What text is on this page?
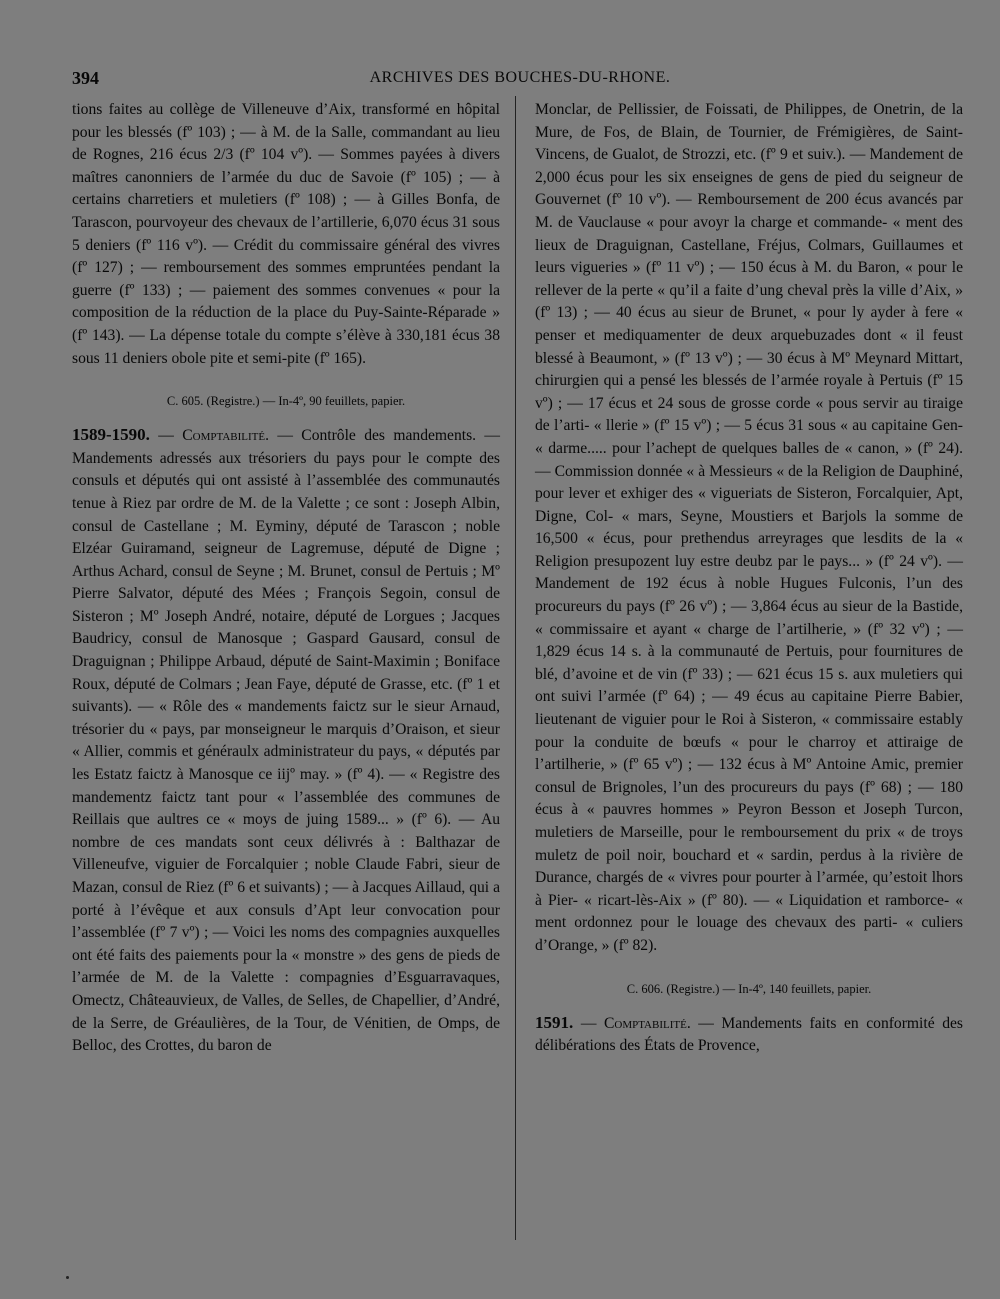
394	ARCHIVES DES BOUCHES-DU-RHONE.

tions faites au collège de Villeneuve d’Aix, transformé en hôpital pour les blessés (fº 103) ; — à M. de la Salle, commandant au lieu de Rognes, 216 écus 2/3 (fº 104 vº). — Sommes payées à divers maîtres canonniers de l’armée du duc de Savoie (fº 105) ; — à certains charretiers et muletiers (fº 108) ; — à Gilles Bonfa, de Tarascon, pourvoyeur des chevaux de l’artillerie, 6,070 écus 31 sous 5 deniers (fº 116 vº). — Crédit du commissaire général des vivres (fº 127) ; — remboursement des sommes empruntées pendant la guerre (fº 133) ; — paiement des sommes convenues « pour la composition de la réduction de la place du Puy-Sainte-Réparade » (fº 143). — La dépense totale du compte s’élève à 330,181 écus 38 sous 11 deniers obole pite et semi-pite (fº 165).

C. 605. (Registre.) — In-4º, 90 feuillets, papier.

1589-1590. — Comptabilité. — Contrôle des mandements. — Mandements adressés aux trésoriers du pays pour le compte des consuls et députés qui ont assisté à l’assemblée des communautés tenue à Riez par ordre de M. de la Valette ; ce sont : Joseph Albin, consul de Castellane ; M. Eyminy, député de Tarascon ; noble Elzéar Guiramand, seigneur de Lagremuse, député de Digne ; Arthus Achard, consul de Seyne ; M. Brunet, consul de Pertuis ; Mº Pierre Salvator, député des Mées ; François Segoin, consul de Sisteron ; Mº Joseph André, notaire, député de Lorgues ; Jacques Baudricy, consul de Manosque ; Gaspard Gausard, consul de Draguignan ; Philippe Arbaud, député de Saint-Maximin ; Boniface Roux, député de Colmars ; Jean Faye, député de Grasse, etc. (fº 1 et suivants). — « Rôle des « mandements faictz sur le sieur Arnaud, trésorier du « pays, par monseigneur le marquis d’Oraison, et sieur « Allier, commis et généraulx administrateur du pays, « députés par les Estatz faictz à Manosque ce iijº may. » (fº 4). — « Registre des mandementz faictz tant pour « l’assemblée des communes de Reillais que aultres ce « moys de juing 1589... » (fº 6). — Au nombre de ces mandats sont ceux délivrés à : Balthazar de Villeneufve, viguier de Forcalquier ; noble Claude Fabri, sieur de Mazan, consul de Riez (fº 6 et suivants) ; — à Jacques Aillaud, qui a porté à l’évêque et aux consuls d’Apt leur convocation pour l’assemblée (fº 7 vº) ; — Voici les noms des compagnies auxquelles ont été faits des paiements pour la « monstre » des gens de pieds de l’armée de M. de la Valette : compagnies d’Esguarravaques, Omectz, Châteauvieux, de Valles, de Selles, de Chapellier, d’André, de la Serre, de Gréaulières, de la Tour, de Vénitien, de Omps, de Belloc, des Crottes, du baron de

Monclar, de Pellissier, de Foissati, de Philippes, de Onetrin, de la Mure, de Fos, de Blain, de Tournier, de Frémigières, de Saint-Vincens, de Gualot, de Strozzi, etc. (fº 9 et suiv.). — Mandement de 2,000 écus pour les six enseignes de gens de pied du seigneur de Gouvernet (fº 10 vº). — Remboursement de 200 écus avancés par M. de Vauclause « pour avoyr la charge et commande- « ment des lieux de Draguignan, Castellane, Fréjus, Colmars, Guillaumes et leurs vigueries » (fº 11 vº) ; — 150 écus à M. du Baron, « pour le rellever de la perte « qu’il a faite d’ung cheval près la ville d’Aix, » (fº 13) ; — 40 écus au sieur de Brunet, « pour ly ayder à fere « penser et mediquamenter de deux arquebuzades dont « il feust blessé à Beaumont, » (fº 13 vº) ; — 30 écus à Mº Meynard Mittart, chirurgien qui a pensé les blessés de l’armée royale à Pertuis (fº 15 vº) ; — 17 écus et 24 sous de grosse corde « pous servir au tiraige de l’arti- « llerie » (fº 15 vº) ; — 5 écus 31 sous « au capitaine Gen- « darme..... pour l’achept de quelques balles de « canon, » (fº 24). — Commission donnée « à Messieurs « de la Religion de Dauphiné, pour lever et exhiger des « vigueriats de Sisteron, Forcalquier, Apt, Digne, Col- « mars, Seyne, Moustiers et Barjols la somme de 16,500 « écus, pour prethendus arreyrages que lesdits de la « Religion presupozent luy estre deubz par le pays... » (fº 24 vº). — Mandement de 192 écus à noble Hugues Fulconis, l’un des procureurs du pays (fº 26 vº) ; — 3,864 écus au sieur de la Bastide, « commissaire et ayant « charge de l’artilherie, » (fº 32 vº) ; — 1,829 écus 14 s. à la communauté de Pertuis, pour fournitures de blé, d’avoine et de vin (fº 33) ; — 621 écus 15 s. aux muletiers qui ont suivi l’armée (fº 64) ; — 49 écus au capitaine Pierre Babier, lieutenant de viguier pour le Roi à Sisteron, « commissaire estably pour la conduite de bœufs « pour le charroy et attiraige de l’artilherie, » (fº 65 vº) ; — 132 écus à Mº Antoine Amic, premier consul de Brignoles, l’un des procureurs du pays (fº 68) ; — 180 écus à « pauvres hommes » Peyron Besson et Joseph Turcon, muletiers de Marseille, pour le remboursement du prix « de troys muletz de poil noir, bouchard et « sardin, perdus à la rivière de Durance, chargés de « vivres pour pourter à l’armée, qu’estoit lhors à Pier- « ricart-lès-Aix » (fº 80). — « Liquidation et ramborce- « ment ordonnez pour le louage des chevaux des parti- « culiers d’Orange, » (fº 82).

C. 606. (Registre.) — In-4º, 140 feuillets, papier.

1591. — Comptabilité. — Mandements faits en conformité des délibérations des États de Provence,
